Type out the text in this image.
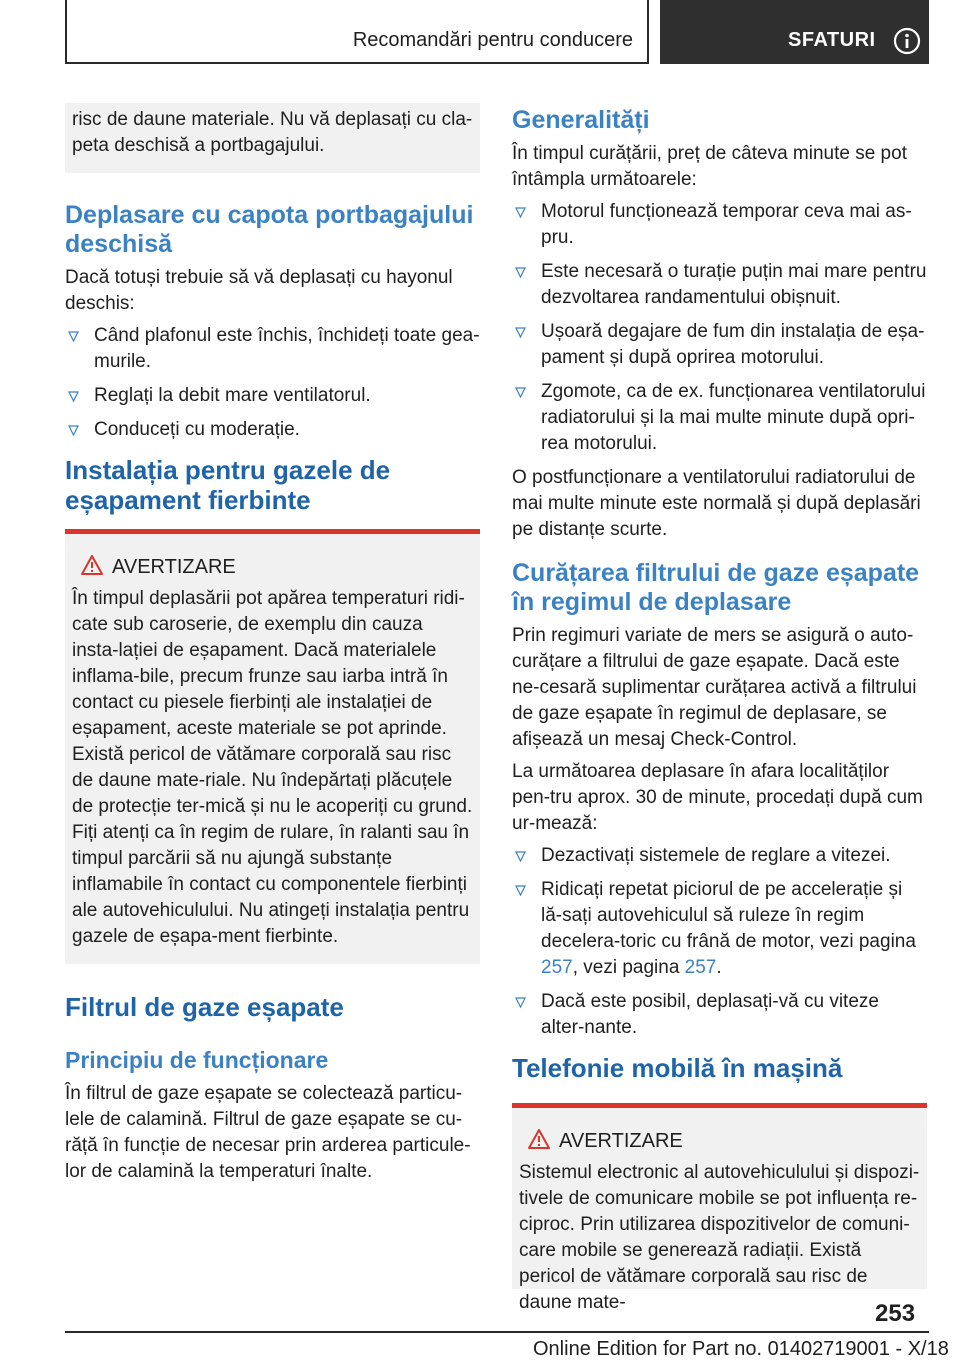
Recomandări pentru conducere	SFATURI

risc de daune materiale. Nu vă deplasați cu cla-peta deschisă a portbagajului.

Deplasare cu capota portbagajului deschisă

Dacă totuși trebuie să vă deplasați cu hayonul deschis:

Când plafonul este închis, închideți toate gea-murile.
Reglați la debit mare ventilatorul.
Conduceți cu moderație.
Instalația pentru gazele de eșapament fierbinte
AVERTIZARE

În timpul deplasării pot apărea temperaturi ridi-cate sub caroserie, de exemplu din cauza insta-lației de eșapament. Dacă materialele inflama-bile, precum frunze sau iarba intră în contact cu piesele fierbinți ale instalației de eșapament, aceste materiale se pot aprinde. Există pericol de vătămare corporală sau risc de daune mate-riale. Nu îndepărtați plăcuțele de protecție ter-mică și nu le acoperiți cu grund. Fiți atenți ca în regim de rulare, în ralanti sau în timpul parcării să nu ajungă substanțe inflamabile în contact cu componentele fierbinți ale autovehiculului. Nu atingeți instalația pentru gazele de eșapa-ment fierbinte.

Filtrul de gaze eșapate
Principiu de funcționare

În filtrul de gaze eșapate se colectează particu-lele de calamină. Filtrul de gaze eșapate se cu-răță în funcție de necesar prin arderea particule-lor de calamină la temperaturi înalte.

Generalități

În timpul curățării, preț de câteva minute se pot întâmpla următoarele:

Motorul funcționează temporar ceva mai as-pru.
Este necesară o turație puțin mai mare pentru dezvoltarea randamentului obișnuit.
Ușoară degajare de fum din instalația de eșa-pament și după oprirea motorului.
Zgomote, ca de ex. funcționarea ventilatorului radiatorului și la mai multe minute după opri-rea motorului.

O postfuncționare a ventilatorului radiatorului de mai multe minute este normală și după deplasări pe distanțe scurte.

Curățarea filtrului de gaze eșapate în regimul de deplasare

Prin regimuri variate de mers se asigură o auto-curățare a filtrului de gaze eșapate. Dacă este ne-cesară suplimentar curățarea activă a filtrului de gaze eșapate în regimul de deplasare, se afișează un mesaj Check-Control.

La următoarea deplasare în afara localităților pen-tru aprox. 30 de minute, procedați după cum ur-mează:

Dezactivați sistemele de reglare a vitezei.
Ridicați repetat piciorul de pe accelerație și lă-sați autovehiculul să ruleze în regim decelera-toric cu frână de motor, vezi pagina 257, vezi pagina 257.
Dacă este posibil, deplasați-vă cu viteze alter-nante.
Telefonie mobilă în mașină
AVERTIZARE

Sistemul electronic al autovehiculului și dispozi-tivele de comunicare mobile se pot influența re-ciproc. Prin utilizarea dispozitivelor de comuni-care mobile se generează radiații. Există pericol de vătămare corporală sau risc de daune mate-	253
Online Edition for Part no. 01402719001 - X/18
